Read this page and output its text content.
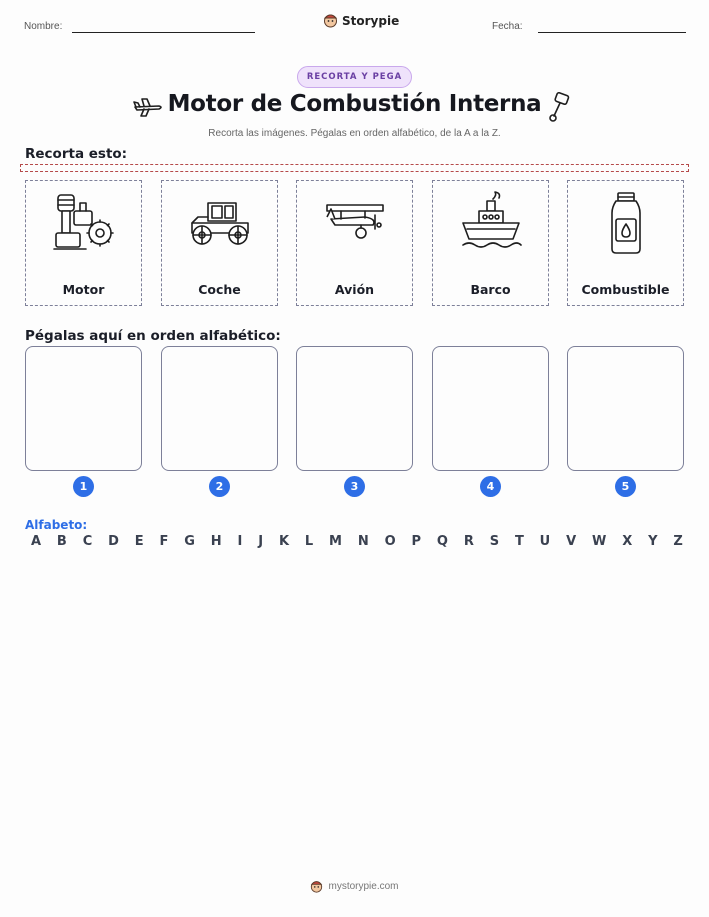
Nombre:	Storypie	Fecha:
RECORTA Y PEGA
Motor de Combustión Interna
Recorta las imágenes. Pégalas en orden alfabético, de la A a la Z.
Recorta esto:
Motor	Coche	Avión	Barco	Combustible
Pégalas aquí en orden alfabético:
1	2	3	4	5
Alfabeto:
A B C D E F G H I J K L M N O P Q R S T U V W X Y Z
mystorypie.com
